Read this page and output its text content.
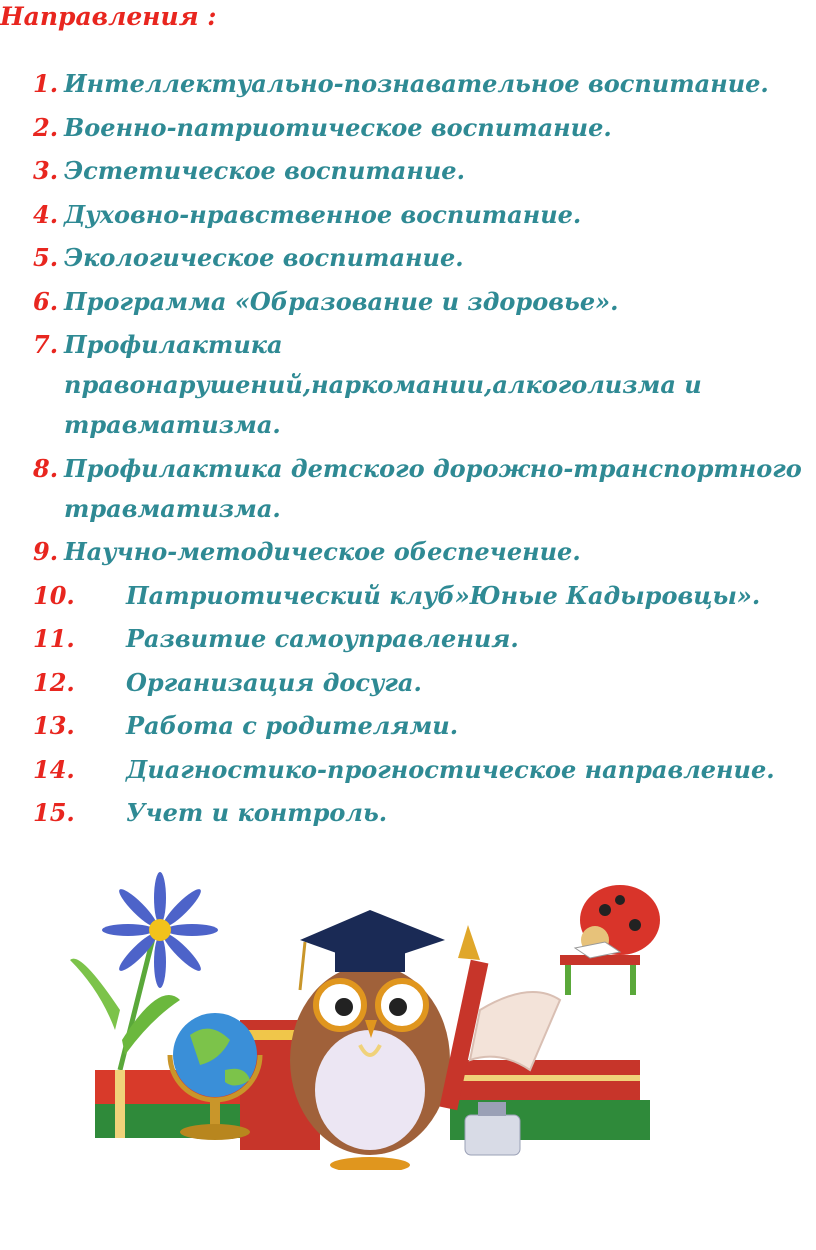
Направления :
1. Интеллектуально-познавательное воспитание.
2. Военно-патриотическое воспитание.
3. Эстетическое воспитание.
4. Духовно-нравственное воспитание.
5. Экологическое воспитание.
6. Программа «Образование и здоровье».
7. Профилактика
правонарушений,наркомании,алкоголизма и
травматизма.
8. Профилактика детского дорожно-транспортного
травматизма.
9. Научно-методическое обеспечение.
10. Патриотический клуб»Юные Кадыровцы».
11. Развитие самоуправления.
12. Организация досуга.
13. Работа с родителями.
14. Диагностико-прогностическое направление.
15. Учет и контроль.
